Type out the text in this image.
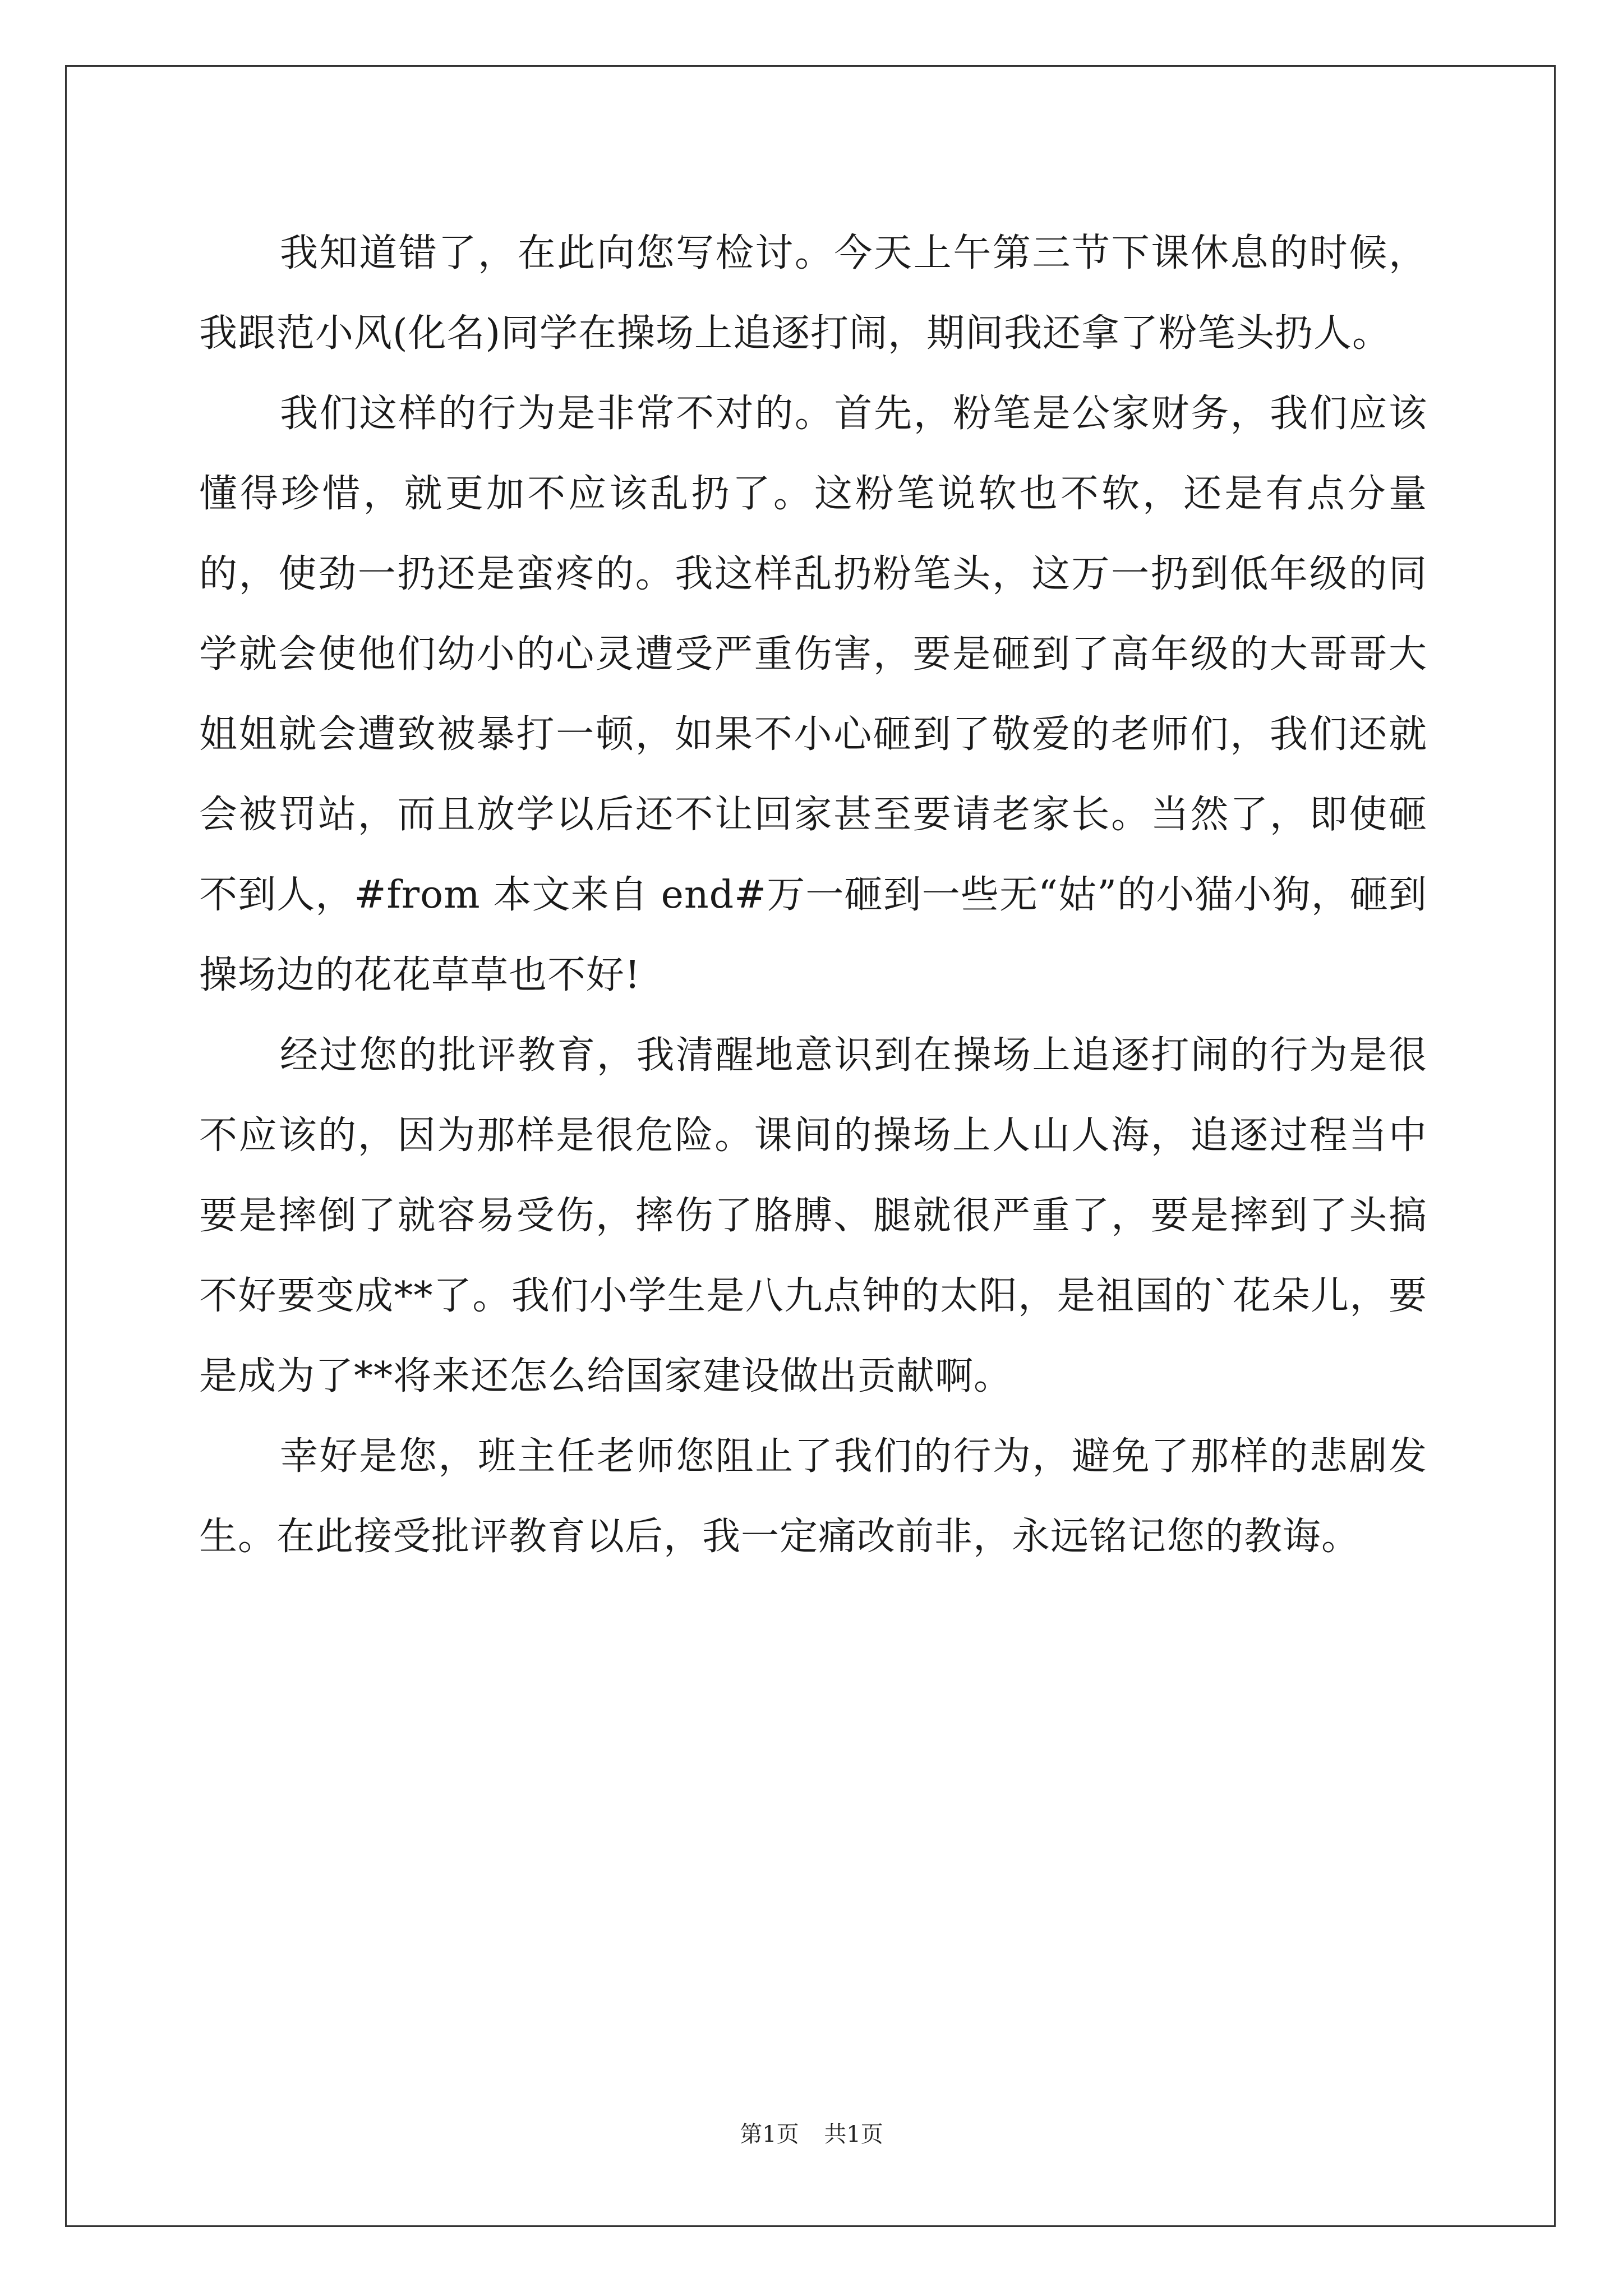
我知道错了，在此向您写检讨。今天上午第三节下课休息的时候，我跟范小风(化名)同学在操场上追逐打闹，期间我还拿了粉笔头扔人。

我们这样的行为是非常不对的。首先，粉笔是公家财务，我们应该懂得珍惜，就更加不应该乱扔了。这粉笔说软也不软，还是有点分量的，使劲一扔还是蛮疼的。我这样乱扔粉笔头，这万一扔到低年级的同学就会使他们幼小的心灵遭受严重伤害，要是砸到了高年级的大哥哥大姐姐就会遭致被暴打一顿，如果不小心砸到了敬爱的老师们，我们还就会被罚站，而且放学以后还不让回家甚至要请老家长。当然了，即使砸不到人，#from 本文来自 end#万一砸到一些无“姑”的小猫小狗，砸到操场边的花花草草也不好!

经过您的批评教育，我清醒地意识到在操场上追逐打闹的行为是很不应该的，因为那样是很危险。课间的操场上人山人海，追逐过程当中要是摔倒了就容易受伤，摔伤了胳膊、腿就很严重了，要是摔到了头搞不好要变成**了。我们小学生是八九点钟的太阳，是祖国的`花朵儿，要是成为了**将来还怎么给国家建设做出贡献啊。

幸好是您，班主任老师您阻止了我们的行为，避免了那样的悲剧发生。在此接受批评教育以后，我一定痛改前非，永远铭记您的教诲。

第1页 共1页
